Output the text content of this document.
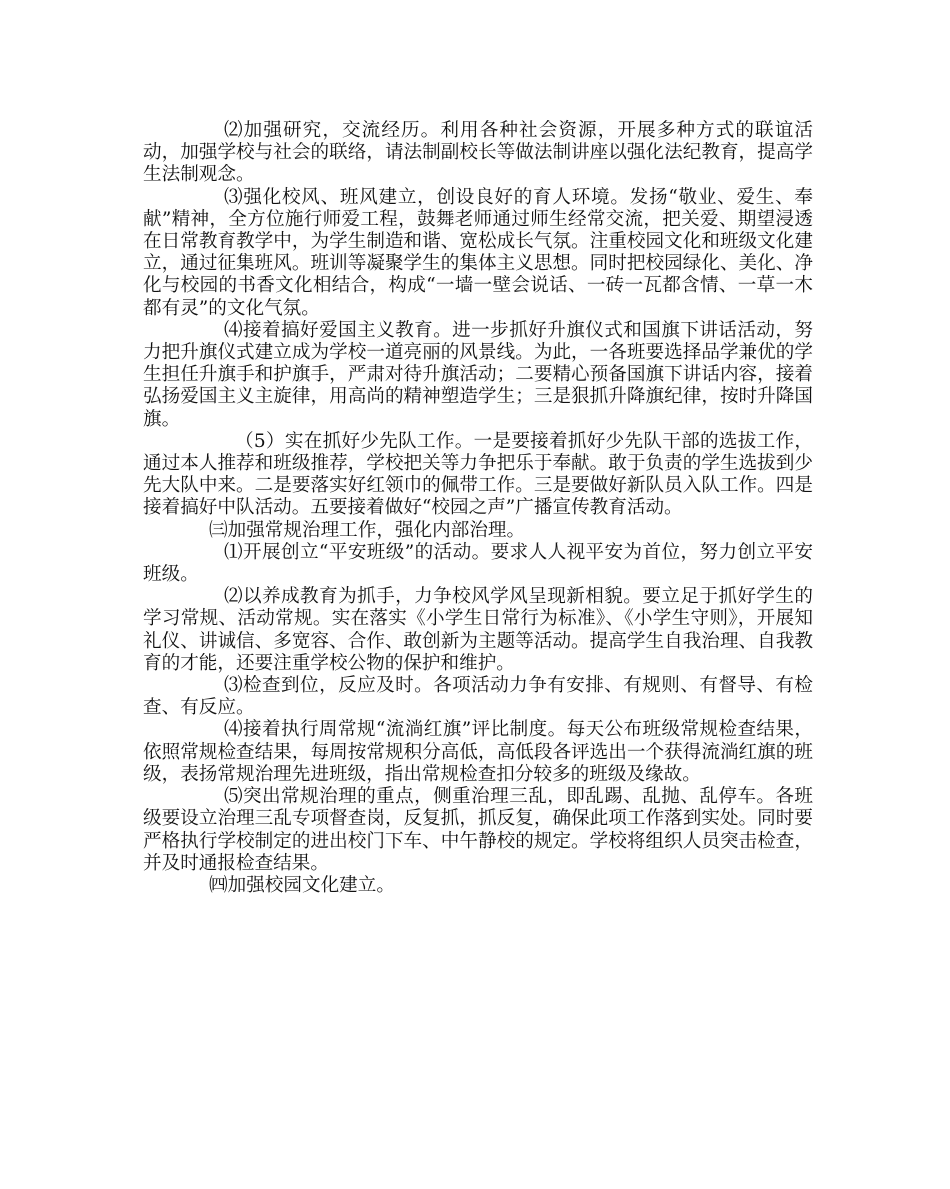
⑵加强研究，交流经历。利用各种社会资源，开展多种方式的联谊活动，加强学校与社会的联络，请法制副校长等做法制讲座以强化法纪教育，提高学生法制观念。

⑶强化校风、班风建立，创设良好的育人环境。发扬“敬业、爱生、奉献”精神，全方位施行师爱工程，鼓舞老师通过师生经常交流，把关爱、期望浸透在日常教育教学中，为学生制造和谐、宽松成长气氛。注重校园文化和班级文化建立，通过征集班风。班训等凝聚学生的集体主义思想。同时把校园绿化、美化、净化与校园的书香文化相结合，构成“一墙一壁会说话、一砖一瓦都含情、一草一木都有灵”的文化气氛。

⑷接着搞好爱国主义教育。进一步抓好升旗仪式和国旗下讲话活动，努力把升旗仪式建立成为学校一道亮丽的风景线。为此，一各班要选择品学兼优的学生担任升旗手和护旗手，严肃对待升旗活动；二要精心预备国旗下讲话内容，接着弘扬爱国主义主旋律，用高尚的精神塑造学生；三是狠抓升降旗纪律，按时升降国旗。

（5）实在抓好少先队工作。一是要接着抓好少先队干部的选拔工作，通过本人推荐和班级推荐，学校把关等力争把乐于奉献。敢于负责的学生选拔到少先大队中来。二是要落实好红领巾的佩带工作。三是要做好新队员入队工作。四是接着搞好中队活动。五要接着做好“校园之声”广播宣传教育活动。

㈢加强常规治理工作，强化内部治理。

⑴开展创立“平安班级”的活动。要求人人视平安为首位，努力创立平安班级。

⑵以养成教育为抓手，力争校风学风呈现新相貌。要立足于抓好学生的学习常规、活动常规。实在落实《小学生日常行为标准》、《小学生守则》，开展知礼仪、讲诚信、多宽容、合作、敢创新为主题等活动。提高学生自我治理、自我教育的才能，还要注重学校公物的保护和维护。

⑶检查到位，反应及时。各项活动力争有安排、有规则、有督导、有检查、有反应。

⑷接着执行周常规“流淌红旗”评比制度。每天公布班级常规检查结果，依照常规检查结果，每周按常规积分高低，高低段各评选出一个获得流淌红旗的班级，表扬常规治理先进班级，指出常规检查扣分较多的班级及缘故。

⑸突出常规治理的重点，侧重治理三乱，即乱踢、乱抛、乱停车。各班级要设立治理三乱专项督查岗，反复抓，抓反复，确保此项工作落到实处。同时要严格执行学校制定的进出校门下车、中午静校的规定。学校将组织人员突击检查，并及时通报检查结果。

㈣加强校园文化建立。
